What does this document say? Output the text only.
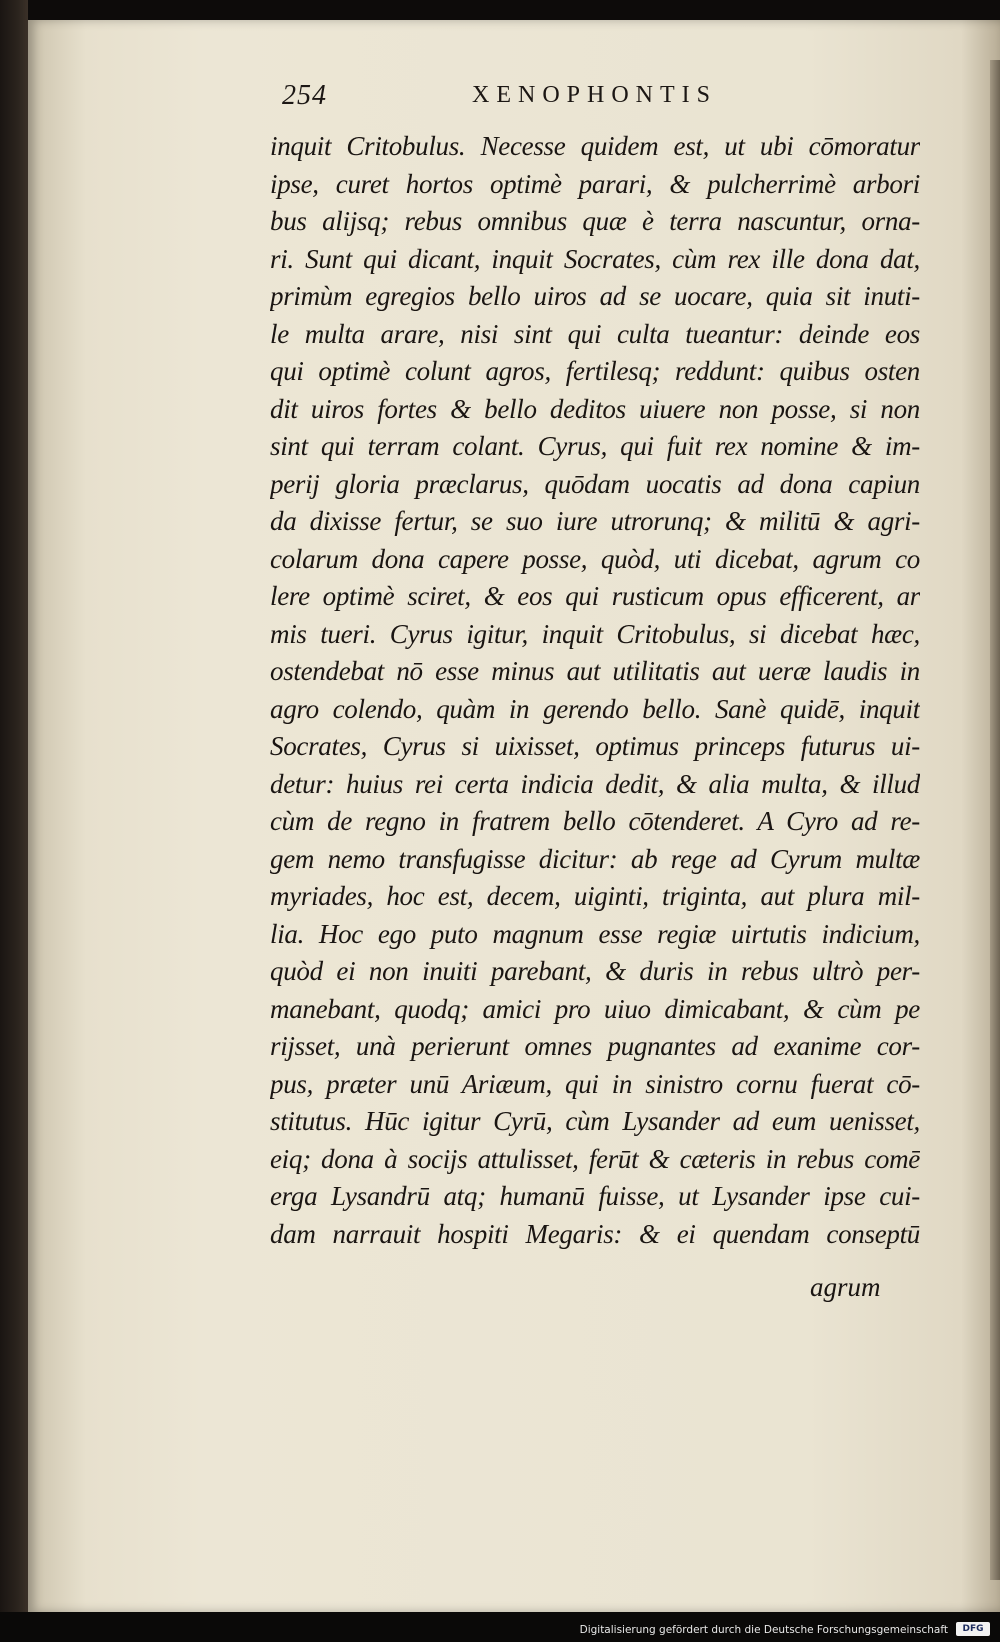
254	XENOPHONTIS
inquit Critobulus. Necesse quidem est, ut ubi cōmoratur
ipse, curet hortos optimè parari, & pulcherrimè arbori
bus aliјsq; rebus omnibus quæ è terra nascuntur, orna-
ri. Sunt qui dicant, inquit Socrates, cùm rex ille dona dat,
primùm egregios bello uiros ad se uocare, quia sit inuti-
le multa arare, nisi sint qui culta tueantur: deinde eos
qui optimè colunt agros, fertilesq; reddunt: quibus osten
dit uiros fortes & bello deditos uiuere non posse, si non
sint qui terram colant. Cyrus, qui fuit rex nomine & im-
perij gloria præclarus, quōdam uocatis ad dona capiun
da dixisse fertur, se suo iure utrorunq; & militū & agri-
colarum dona capere posse, quòd, uti dicebat, agrum co
lere optimè sciret, & eos qui rusticum opus efficerent, ar
mis tueri. Cyrus igitur, inquit Critobulus, si dicebat hæc,
ostendebat nō esse minus aut utilitatis aut ueræ laudis in
agro colendo, quàm in gerendo bello. Sanè quidē, inquit
Socrates, Cyrus si uixisset, optimus princeps futurus ui-
detur: huius rei certa indicia dedit, & alia multa, & illud
cùm de regno in fratrem bello cōtenderet. A Cyro ad re-
gem nemo transfugisse dicitur: ab rege ad Cyrum multæ
myriades, hoc est, decem, uiginti, triginta, aut plura mil-
lia. Hoc ego puto magnum esse regiæ uirtutis indicium,
quòd ei non inuiti parebant, & duris in rebus ultrò per-
manebant, quodq; amici pro uiuo dimicabant, & cùm pe
rijsset, unà perierunt omnes pugnantes ad exanime cor-
pus, præter unū Ariæum, qui in sinistro cornu fuerat cō-
stitutus. Hūc igitur Cyrū, cùm Lysander ad eum uenisset,
eiq; dona à socijs attulisset, ferūt & cæteris in rebus comē
erga Lysandrū atq; humanū fuisse, ut Lysander ipse cui-
dam narrauit hospiti Megaris: & ei quendam conseptū
agrum
Digitalisierung gefördert durch die Deutsche Forschungsgemeinschaft	DFG
